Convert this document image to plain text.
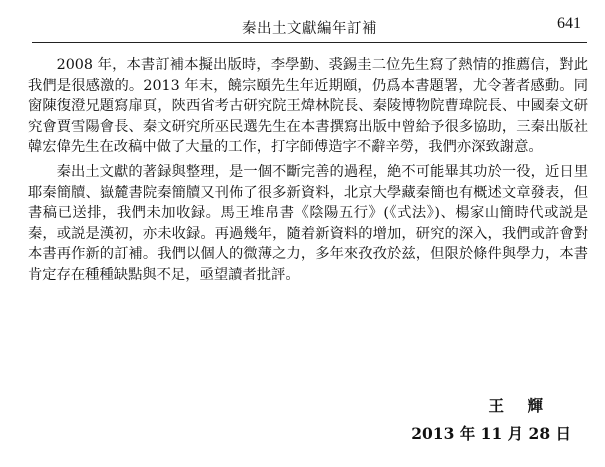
秦出土文獻編年訂補	641

2008 年，本書訂補本擬出版時，李學勤、裘錫圭二位先生寫了熱情的推薦信，對此我們是很感激的。2013 年末，饒宗頤先生年近期頤，仍爲本書題署，尤令著者感動。同窗陳復澄兄題寫扉頁，陝西省考古研究院王煒林院長、秦陵博物院曹瑋院長、中國秦文研究會賈雪陽會長、秦文研究所巫民選先生在本書撰寫出版中曾給予很多協助，三秦出版社韓宏偉先生在改稿中做了大量的工作，打字師傅造字不辭辛勞，我們亦深致謝意。

秦出土文獻的著録與整理，是一個不斷完善的過程，絶不可能畢其功於一役，近日里耶秦簡牘、嶽麓書院秦簡牘又刊佈了很多新資料，北京大學藏秦簡也有概述文章發表，但書稿已送排，我們未加收録。馬王堆帛書《陰陽五行》(《式法》)、楊家山簡時代或説是秦，或説是漢初，亦未收録。再過幾年，隨着新資料的增加，研究的深入，我們或許會對本書再作新的訂補。我們以個人的微薄之力，多年來孜孜於兹，但限於條件與學力，本書肯定存在種種缺點與不足，亟望讀者批評。

王　輝
2013 年 11 月 28 日
